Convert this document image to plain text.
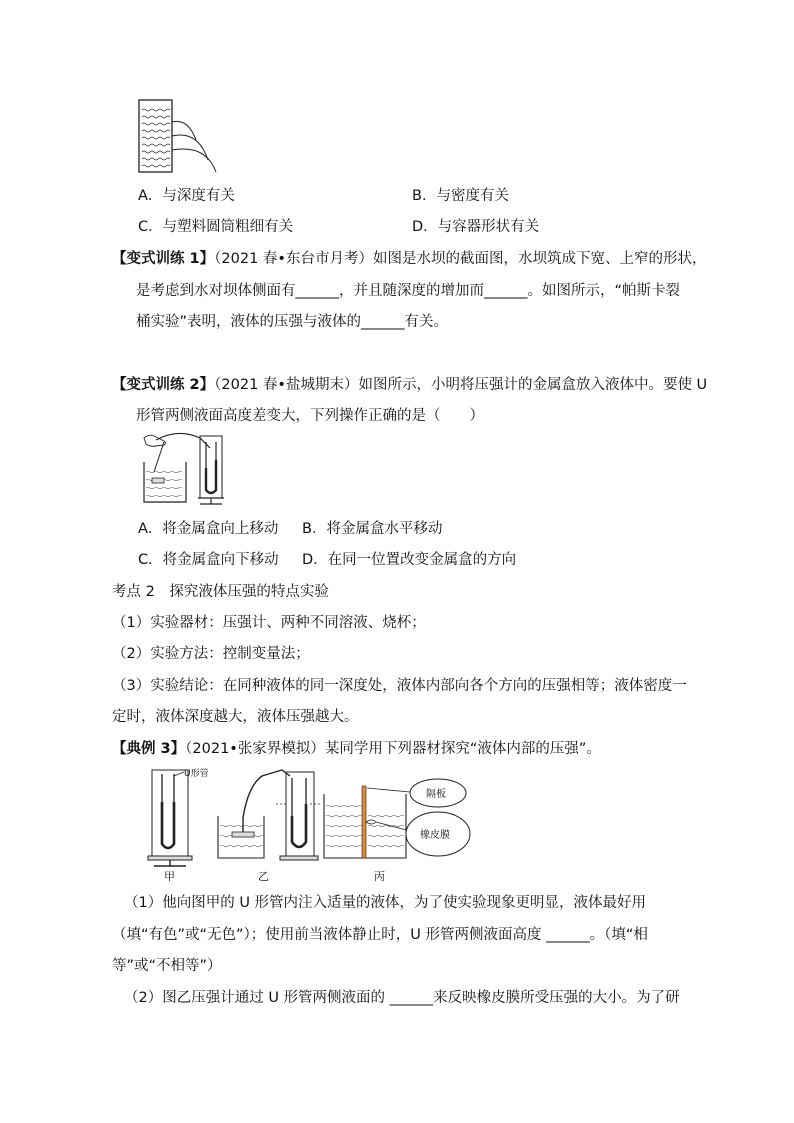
A．与深度有关	B．与密度有关
C．与塑料圆筒粗细有关	D．与容器形状有关
【变式训练 1】（2021 春•东台市月考）如图是水坝的截面图，水坝筑成下宽、上窄的形状，
是考虑到水对坝体侧面有______，并且随深度的增加而______。如图所示，“帕斯卡裂
桶实验”表明，液体的压强与液体的______有关。
【变式训练 2】（2021 春•盐城期末）如图所示，小明将压强计的金属盒放入液体中。要使 U
形管两侧液面高度差变大，下列操作正确的是（　　）
A．将金属盒向上移动 B．将金属盒水平移动
C．将金属盒向下移动 D．在同一位置改变金属盒的方向
考点 2　探究液体压强的特点实验
（1）实验器材：压强计、两种不同溶液、烧杯；
（2）实验方法：控制变量法；
（3）实验结论：在同种液体的同一深度处，液体内部向各个方向的压强相等；液体密度一
定时，液体深度越大，液体压强越大。
【典例 3】（2021•张家界模拟）某同学用下列器材探究“液体内部的压强”。
U形管
隔板
橡皮膜
甲	乙	丙
（1）他向图甲的 U 形管内注入适量的液体，为了使实验现象更明显，液体最好用
（填“有色”或“无色”）；使用前当液体静止时，U 形管两侧液面高度 ______。（填“相
等”或“不相等”）
（2）图乙压强计通过 U 形管两侧液面的 ______来反映橡皮膜所受压强的大小。为了研
